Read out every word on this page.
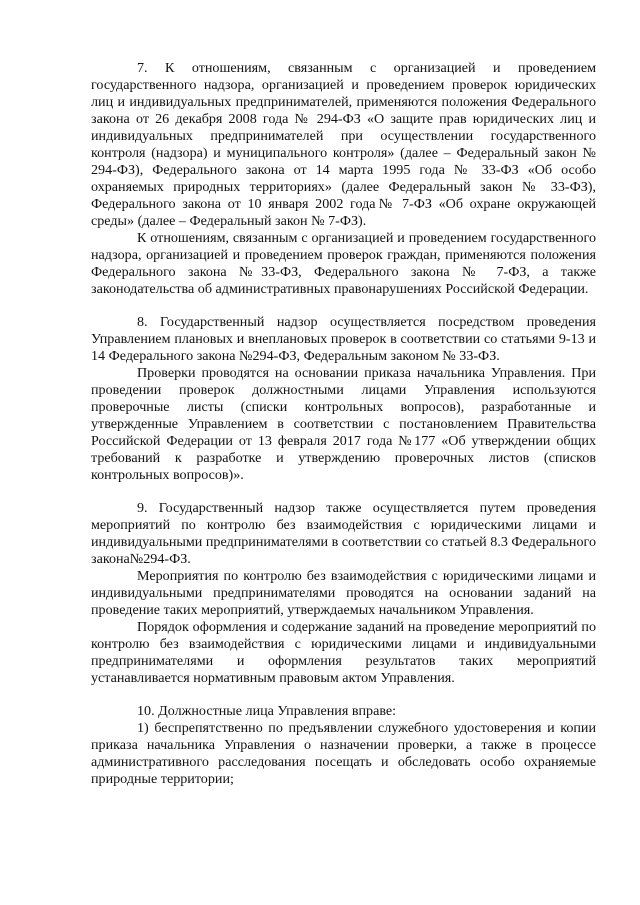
7. К отношениям, связанным с организацией и проведением государственного надзора, организацией и проведением проверок юридических лиц и индивидуальных предпринимателей, применяются положения Федерального закона от 26 декабря 2008 года № 294-ФЗ «О защите прав юридических лиц и индивидуальных предпринимателей при осуществлении государственного контроля (надзора) и муниципального контроля» (далее – Федеральный закон № 294-ФЗ), Федерального закона от 14 марта 1995 года № 33-ФЗ «Об особо охраняемых природных территориях» (далее Федеральный закон № 33-ФЗ), Федерального закона от 10 января 2002 года№ 7-ФЗ «Об охране окружающей среды» (далее – Федеральный закон № 7-ФЗ).

К отношениям, связанным с организацией и проведением государственного надзора, организацией и проведением проверок граждан, применяются положения Федерального закона №33-ФЗ, Федерального закона № 7-ФЗ, а также законодательства об административных правонарушениях Российской Федерации.

8. Государственный надзор осуществляется посредством проведения Управлением плановых и внеплановых проверок в соответствии со статьями 9-13 и 14 Федерального закона №294-ФЗ, Федеральным законом № 33-ФЗ.

Проверки проводятся на основании приказа начальника Управления. При проведении проверок должностными лицами Управления используются проверочные листы (списки контрольных вопросов), разработанные и утвержденные Управлением в соответствии с постановлением Правительства Российской Федерации от 13 февраля 2017 года №177 «Об утверждении общих требований к разработке и утверждению проверочных листов (списков контрольных вопросов)».

9. Государственный надзор также осуществляется путем проведения мероприятий по контролю без взаимодействия с юридическими лицами и индивидуальными предпринимателями в соответствии со статьей 8.3 Федерального закона№294-ФЗ.

Мероприятия по контролю без взаимодействия с юридическими лицами и индивидуальными предпринимателями проводятся на основании заданий на проведение таких мероприятий, утверждаемых начальником Управления.

Порядок оформления и содержание заданий на проведение мероприятий по контролю без взаимодействия с юридическими лицами и индивидуальными предпринимателями и оформления результатов таких мероприятий устанавливается нормативным правовым актом Управления.

10. Должностные лица Управления вправе:

1) беспрепятственно по предъявлении служебного удостоверения и копии приказа начальника Управления о назначении проверки, а также в процессе административного расследования посещать и обследовать особо охраняемые природные территории;
